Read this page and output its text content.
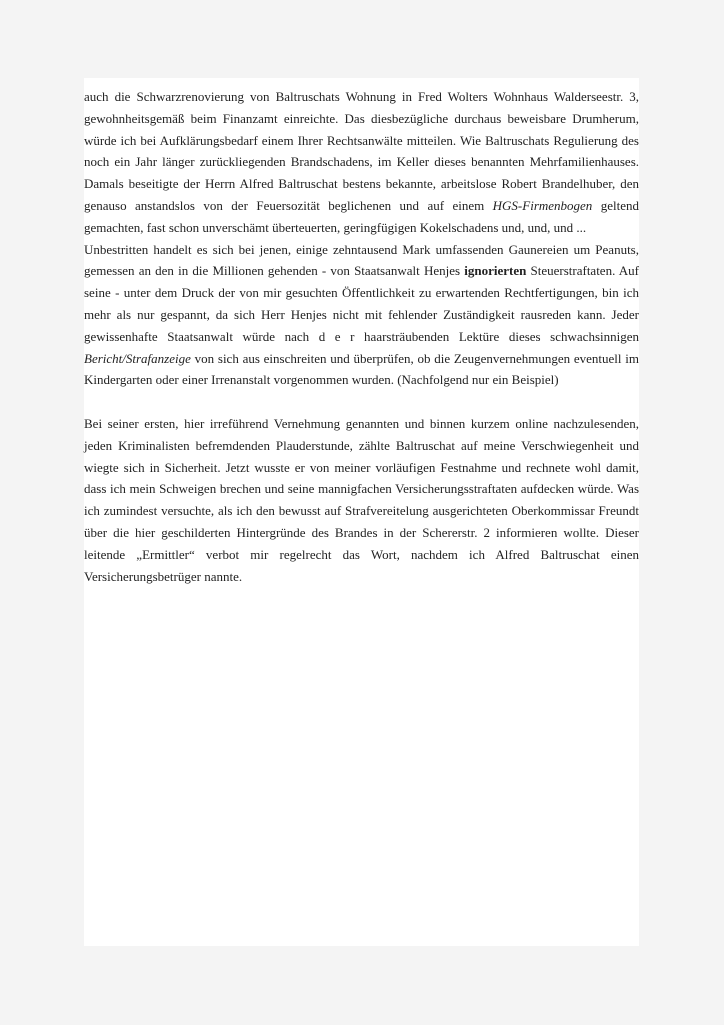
auch die Schwarzrenovierung von Baltruschats Wohnung in Fred Wolters Wohnhaus Walderseestr. 3, gewohnheitsgemäß beim Finanzamt einreichte. Das diesbezügliche durchaus beweisbare Drumherum, würde ich bei Aufklärungsbedarf einem Ihrer Rechtsanwälte mitteilen. Wie Baltruschats Regulierung des noch ein Jahr länger zurückliegenden Brandschadens, im Keller dieses benannten Mehrfamilienhauses. Damals beseitigte der Herrn Alfred Baltruschat bestens bekannte, arbeitslose Robert Brandelhuber, den genauso anstandslos von der Feuersozität beglichenen und auf einem HGS-Firmenbogen geltend gemachten, fast schon unverschämt überteuerten, geringfügigen Kokelschadens und, und, und ...

Unbestritten handelt es sich bei jenen, einige zehntausend Mark umfassenden Gaunereien um Peanuts, gemessen an den in die Millionen gehenden - von Staatsanwalt Henjes ignorierten Steuerstraftaten. Auf seine - unter dem Druck der von mir gesuchten Öffentlichkeit zu erwartenden Rechtfertigungen, bin ich mehr als nur gespannt, da sich Herr Henjes nicht mit fehlender Zuständigkeit rausreden kann. Jeder gewissenhafte Staatsanwalt würde nach d e r haarsträubenden Lektüre dieses schwachsinnigen Bericht/Strafanzeige von sich aus einschreiten und überprüfen, ob die Zeugenvernehmungen eventuell im Kindergarten oder einer Irrenanstalt vorgenommen wurden. (Nachfolgend nur ein Beispiel)

Bei seiner ersten, hier irreführend Vernehmung genannten und binnen kurzem online nachzulesenden, jeden Kriminalisten befremdenden Plauderstunde, zählte Baltruschat auf meine Verschwiegenheit und wiegte sich in Sicherheit. Jetzt wusste er von meiner vorläufigen Festnahme und rechnete wohl damit, dass ich mein Schweigen brechen und seine mannigfachen Versicherungsstraftaten aufdecken würde. Was ich zumindest versuchte, als ich den bewusst auf Strafvereitelung ausgerichteten Oberkommissar Freundt über die hier geschilderten Hintergründe des Brandes in der Schererstr. 2 informieren wollte. Dieser leitende „Ermittler“ verbot mir regelrecht das Wort, nachdem ich Alfred Baltruschat einen Versicherungsbetrüger nannte.
